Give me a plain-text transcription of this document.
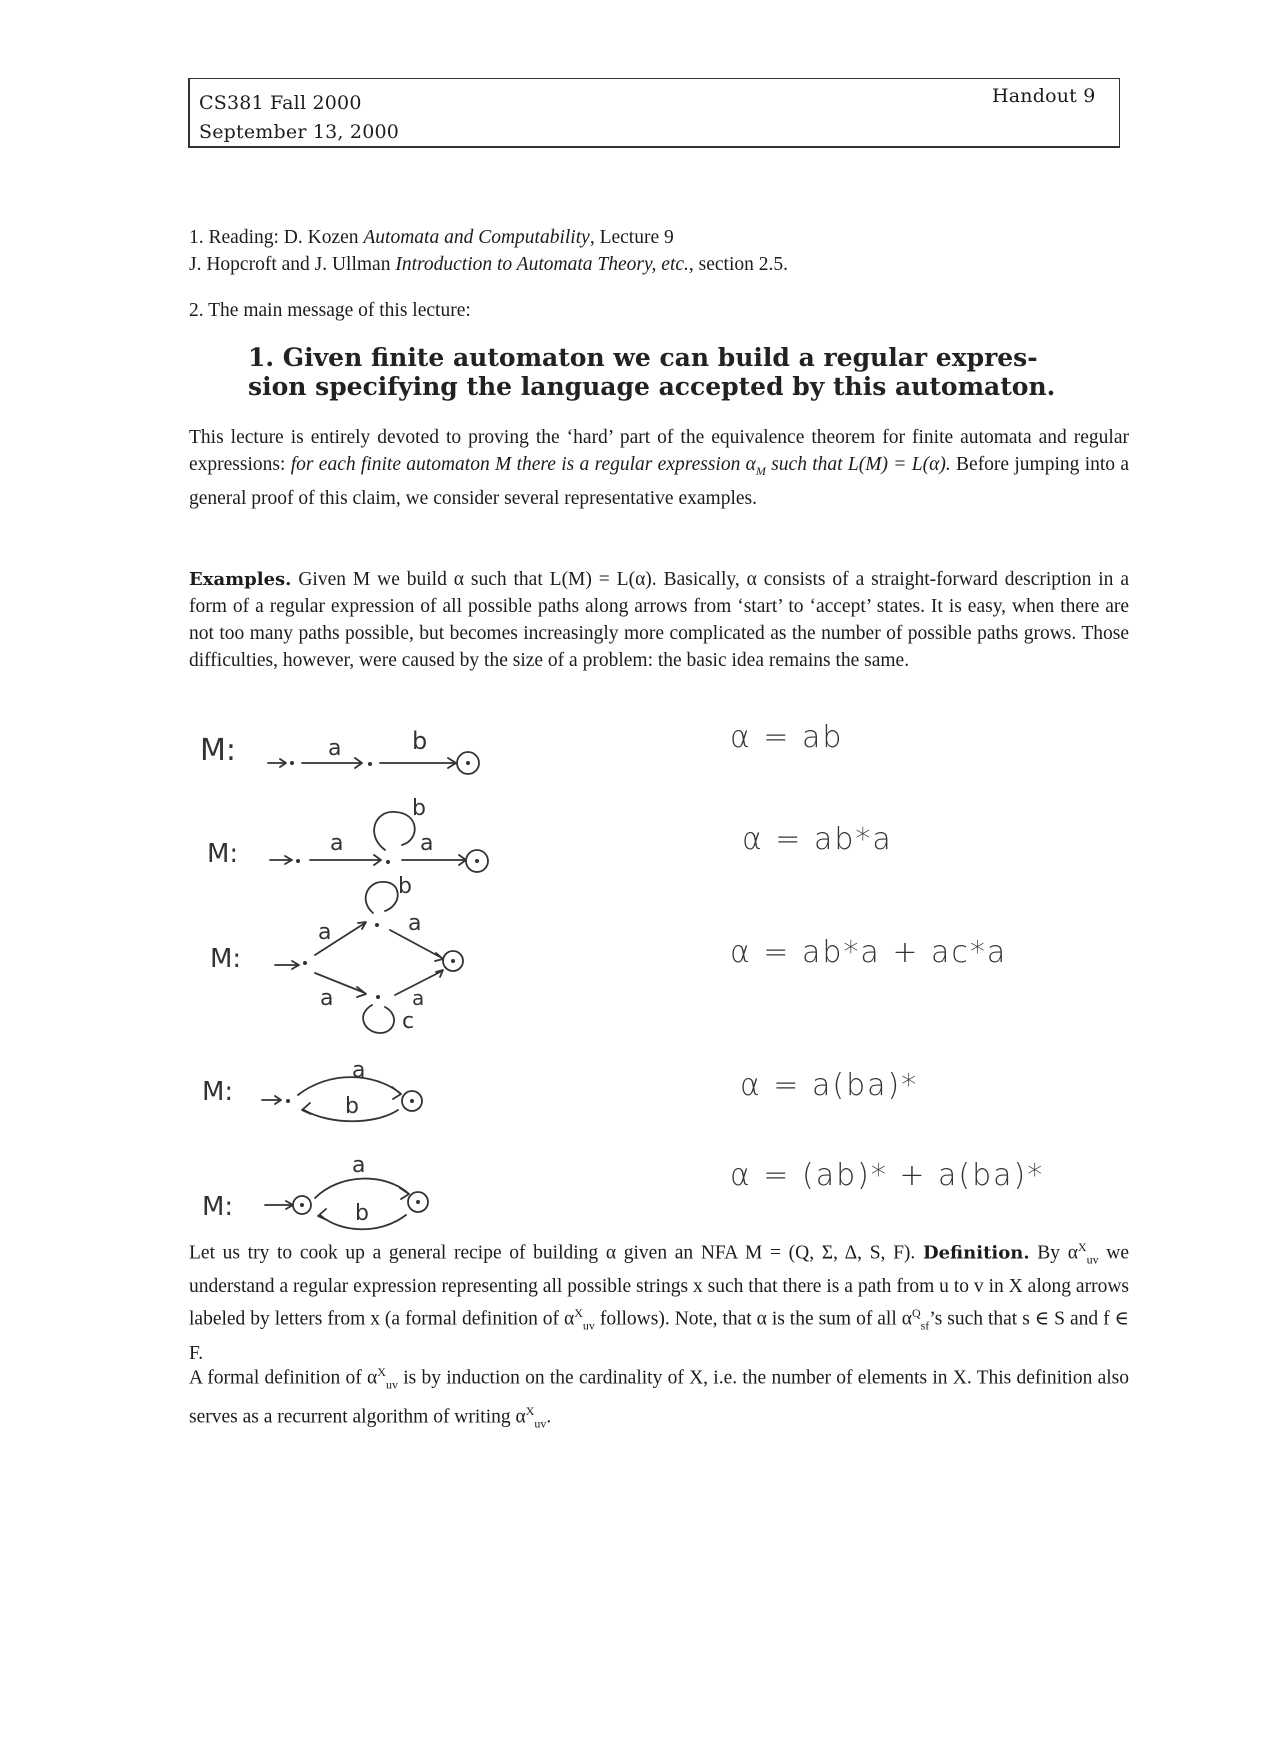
CS381 Fall 2000
September 13, 2000
Handout 9
1. Reading: D. Kozen Automata and Computability, Lecture 9
J. Hopcroft and J. Ullman Introduction to Automata Theory, etc., section 2.5.
2. The main message of this lecture:
1. Given finite automaton we can build a regular expres- sion specifying the language accepted by this automaton.
This lecture is entirely devoted to proving the ‘hard’ part of the equivalence theorem for finite automata and regular expressions: for each finite automaton M there is a regular expression $\alpha_M$ such that L(M) = L(α). Before jumping into a general proof of this claim, we consider several representative examples.
Examples. Given M we build α such that L(M) = L(α). Basically, α consists of a straight-forward description in a form of a regular expression of all possible paths along arrows from ‘start’ to ‘accept’ states. It is easy, when there are not too many paths possible, but becomes increasingly more complicated as the number of possible paths grows. Those difficulties, however, were caused by the size of a problem: the basic idea remains the same.
M:	a	b
M:	a
b
a
M:
a
b
a
a
c
a
M:
a
b
M:
a
b
α = ab
α = ab*a
α = ab*a + ac*a
α = a(ba)*
α = (ab)* + a(ba)*
Let us try to cook up a general recipe of building α given an NFA M = (Q, Σ, Δ, S, F). Definition. By $\alpha^X_{uv}$ we understand a regular expression representing all possible strings x such that there is a path from u to v in X along arrows labeled by letters from x (a formal definition of $\alpha^X_{uv}$ follows). Note, that α is the sum of all $\alpha^Q_{sf}’s$ such that s ∈ S and f ∈ F.
A formal definition of $\alpha^X_{uv}$ is by induction on the cardinality of X, i.e. the number of elements in X. This definition also serves as a recurrent algorithm of writing $\alpha^X_{uv}$.
